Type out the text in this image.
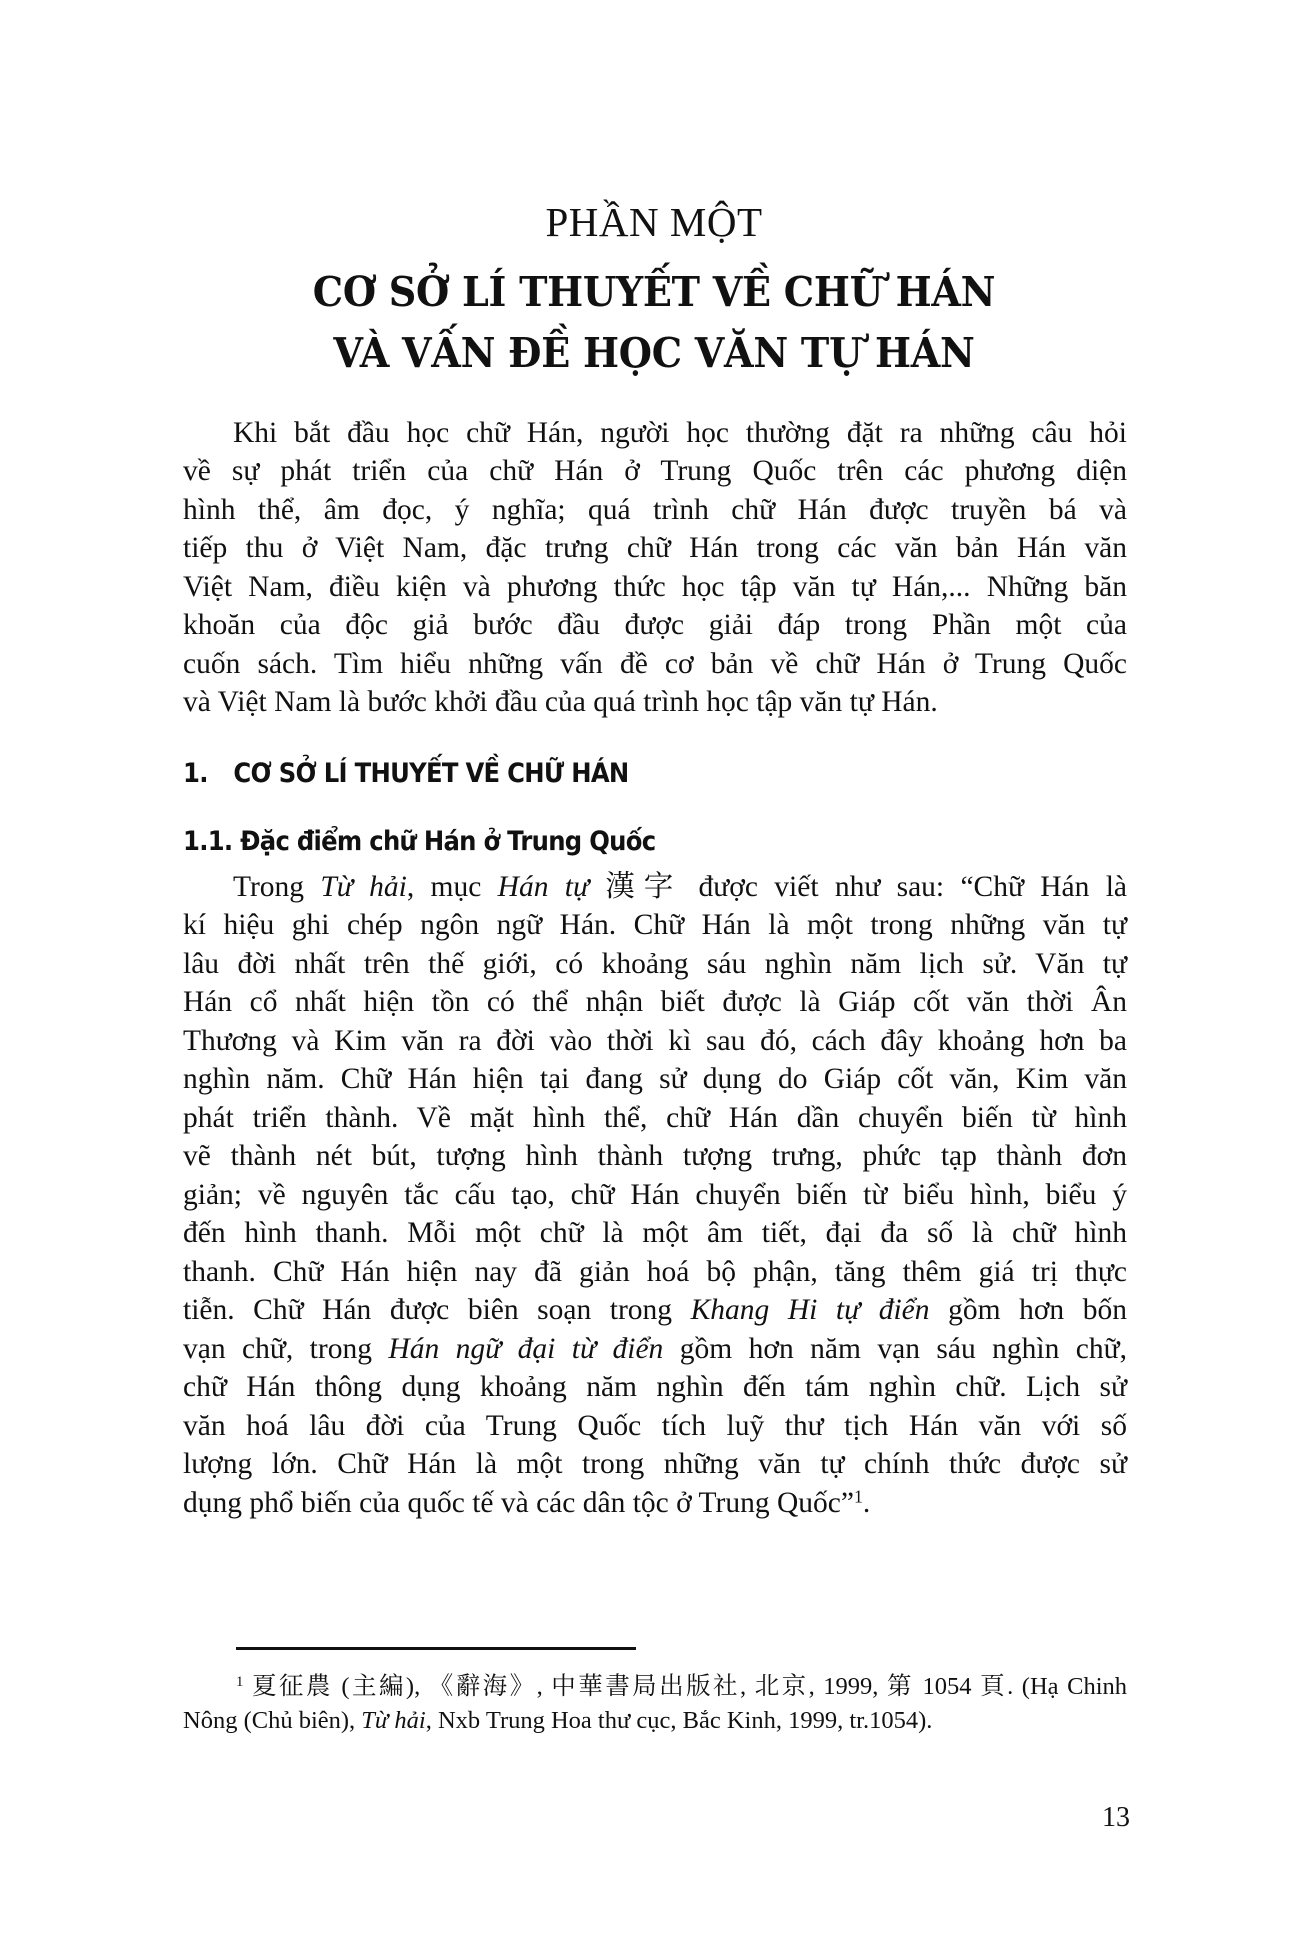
PHẦN MỘT
CƠ SỞ LÍ THUYẾT VỀ CHỮ HÁN
VÀ VẤN ĐỀ HỌC VĂN TỰ HÁN
Khi bắt đầu học chữ Hán, người học thường đặt ra những câu hỏi
về sự phát triển của chữ Hán ở Trung Quốc trên các phương diện
hình thể, âm đọc, ý nghĩa; quá trình chữ Hán được truyền bá và
tiếp thu ở Việt Nam, đặc trưng chữ Hán trong các văn bản Hán văn
Việt Nam, điều kiện và phương thức học tập văn tự Hán,... Những băn
khoăn của độc giả bước đầu được giải đáp trong Phần một của
cuốn sách. Tìm hiểu những vấn đề cơ bản về chữ Hán ở Trung Quốc
và Việt Nam là bước khởi đầu của quá trình học tập văn tự Hán.
1. CƠ SỞ LÍ THUYẾT VỀ CHỮ HÁN
1.1. Đặc điểm chữ Hán ở Trung Quốc
Trong Từ hải, mục Hán tự 漢字 được viết như sau: “Chữ Hán là
kí hiệu ghi chép ngôn ngữ Hán. Chữ Hán là một trong những văn tự
lâu đời nhất trên thế giới, có khoảng sáu nghìn năm lịch sử. Văn tự
Hán cổ nhất hiện tồn có thể nhận biết được là Giáp cốt văn thời Ân
Thương và Kim văn ra đời vào thời kì sau đó, cách đây khoảng hơn ba
nghìn năm. Chữ Hán hiện tại đang sử dụng do Giáp cốt văn, Kim văn
phát triển thành. Về mặt hình thể, chữ Hán dần chuyển biến từ hình
vẽ thành nét bút, tượng hình thành tượng trưng, phức tạp thành đơn
giản; về nguyên tắc cấu tạo, chữ Hán chuyển biến từ biểu hình, biểu ý
đến hình thanh. Mỗi một chữ là một âm tiết, đại đa số là chữ hình
thanh. Chữ Hán hiện nay đã giản hoá bộ phận, tăng thêm giá trị thực
tiễn. Chữ Hán được biên soạn trong Khang Hi tự điển gồm hơn bốn
vạn chữ, trong Hán ngữ đại từ điển gồm hơn năm vạn sáu nghìn chữ,
chữ Hán thông dụng khoảng năm nghìn đến tám nghìn chữ. Lịch sử
văn hoá lâu đời của Trung Quốc tích luỹ thư tịch Hán văn với số
lượng lớn. Chữ Hán là một trong những văn tự chính thức được sử
dụng phổ biến của quốc tế và các dân tộc ở Trung Quốc”$^1$.
$^1$ 夏征農 (主編), 《辭海》, 中華書局出版社, 北京, 1999, 第 1054 頁. (Hạ Chinh
Nông (Chủ biên), Từ hải, Nxb Trung Hoa thư cục, Bắc Kinh, 1999, tr.1054).
13
